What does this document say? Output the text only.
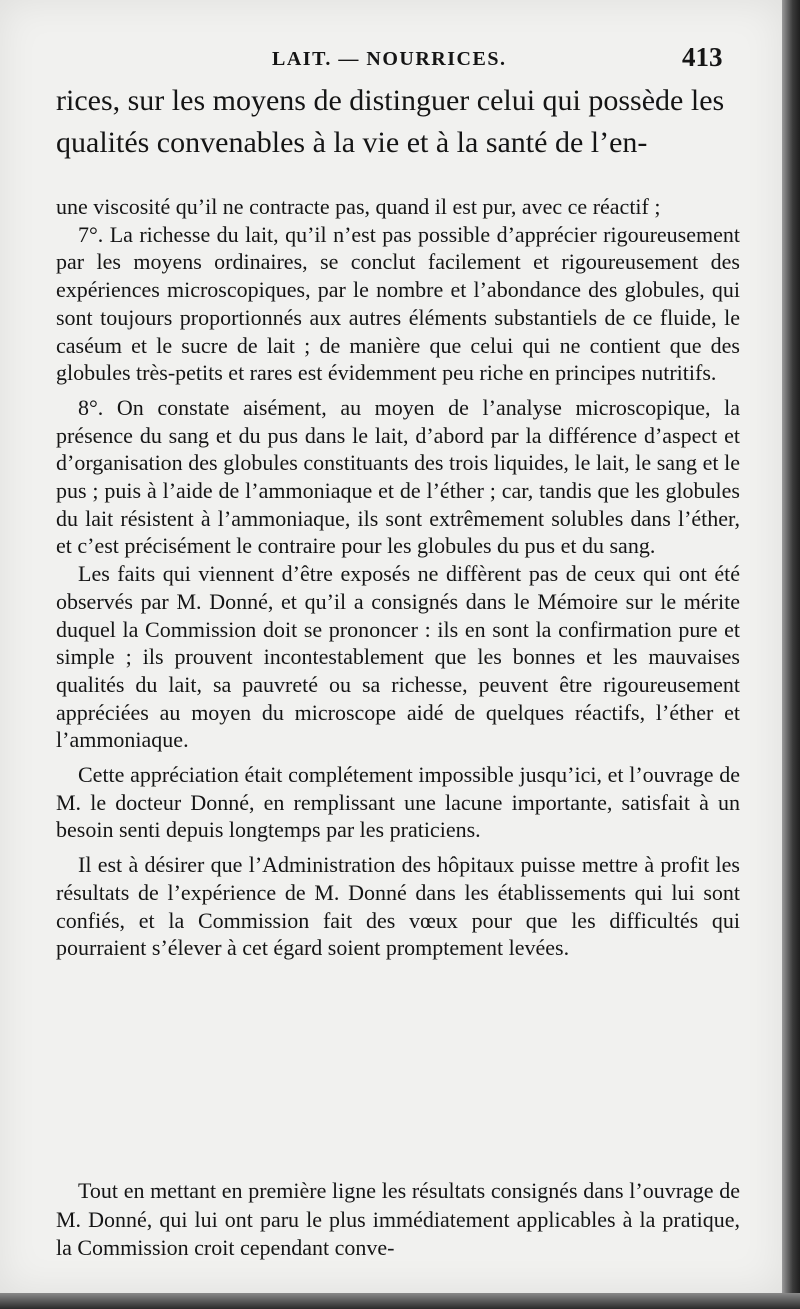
LAIT. — NOURRICES.	413
rices, sur les moyens de distinguer celui qui possède les qualités convenables à la vie et à la santé de l’en-

une viscosité qu’il ne contracte pas, quand il est pur, avec ce réactif ;

7°. La richesse du lait, qu’il n’est pas possible d’apprécier rigoureusement par les moyens ordinaires, se conclut facilement et rigoureusement des expériences microscopiques, par le nombre et l’abondance des globules, qui sont toujours proportionnés aux autres éléments substantiels de ce fluide, le caséum et le sucre de lait ; de manière que celui qui ne contient que des globules très-petits et rares est évidemment peu riche en principes nutritifs.

8°. On constate aisément, au moyen de l’analyse microscopique, la présence du sang et du pus dans le lait, d’abord par la différence d’aspect et d’organisation des globules constituants des trois liquides, le lait, le sang et le pus ; puis à l’aide de l’ammoniaque et de l’éther ; car, tandis que les globules du lait résistent à l’ammoniaque, ils sont extrêmement solubles dans l’éther, et c’est précisément le contraire pour les globules du pus et du sang.

Les faits qui viennent d’être exposés ne diffèrent pas de ceux qui ont été observés par M. Donné, et qu’il a consignés dans le Mémoire sur le mérite duquel la Commission doit se prononcer : ils en sont la confirmation pure et simple ; ils prouvent incontestablement que les bonnes et les mauvaises qualités du lait, sa pauvreté ou sa richesse, peuvent être rigoureusement appréciées au moyen du microscope aidé de quelques réactifs, l’éther et l’ammoniaque.

Cette appréciation était complétement impossible jusqu’ici, et l’ouvrage de M. le docteur Donné, en remplissant une lacune importante, satisfait à un besoin senti depuis longtemps par les praticiens.

Il est à désirer que l’Administration des hôpitaux puisse mettre à profit les résultats de l’expérience de M. Donné dans les établissements qui lui sont confiés, et la Commission fait des vœux pour que les difficultés qui pourraient s’élever à cet égard soient promptement levées.

Tout en mettant en première ligne les résultats consignés dans l’ouvrage de M. Donné, qui lui ont paru le plus immédiatement applicables à la pratique, la Commission croit cependant conve-
